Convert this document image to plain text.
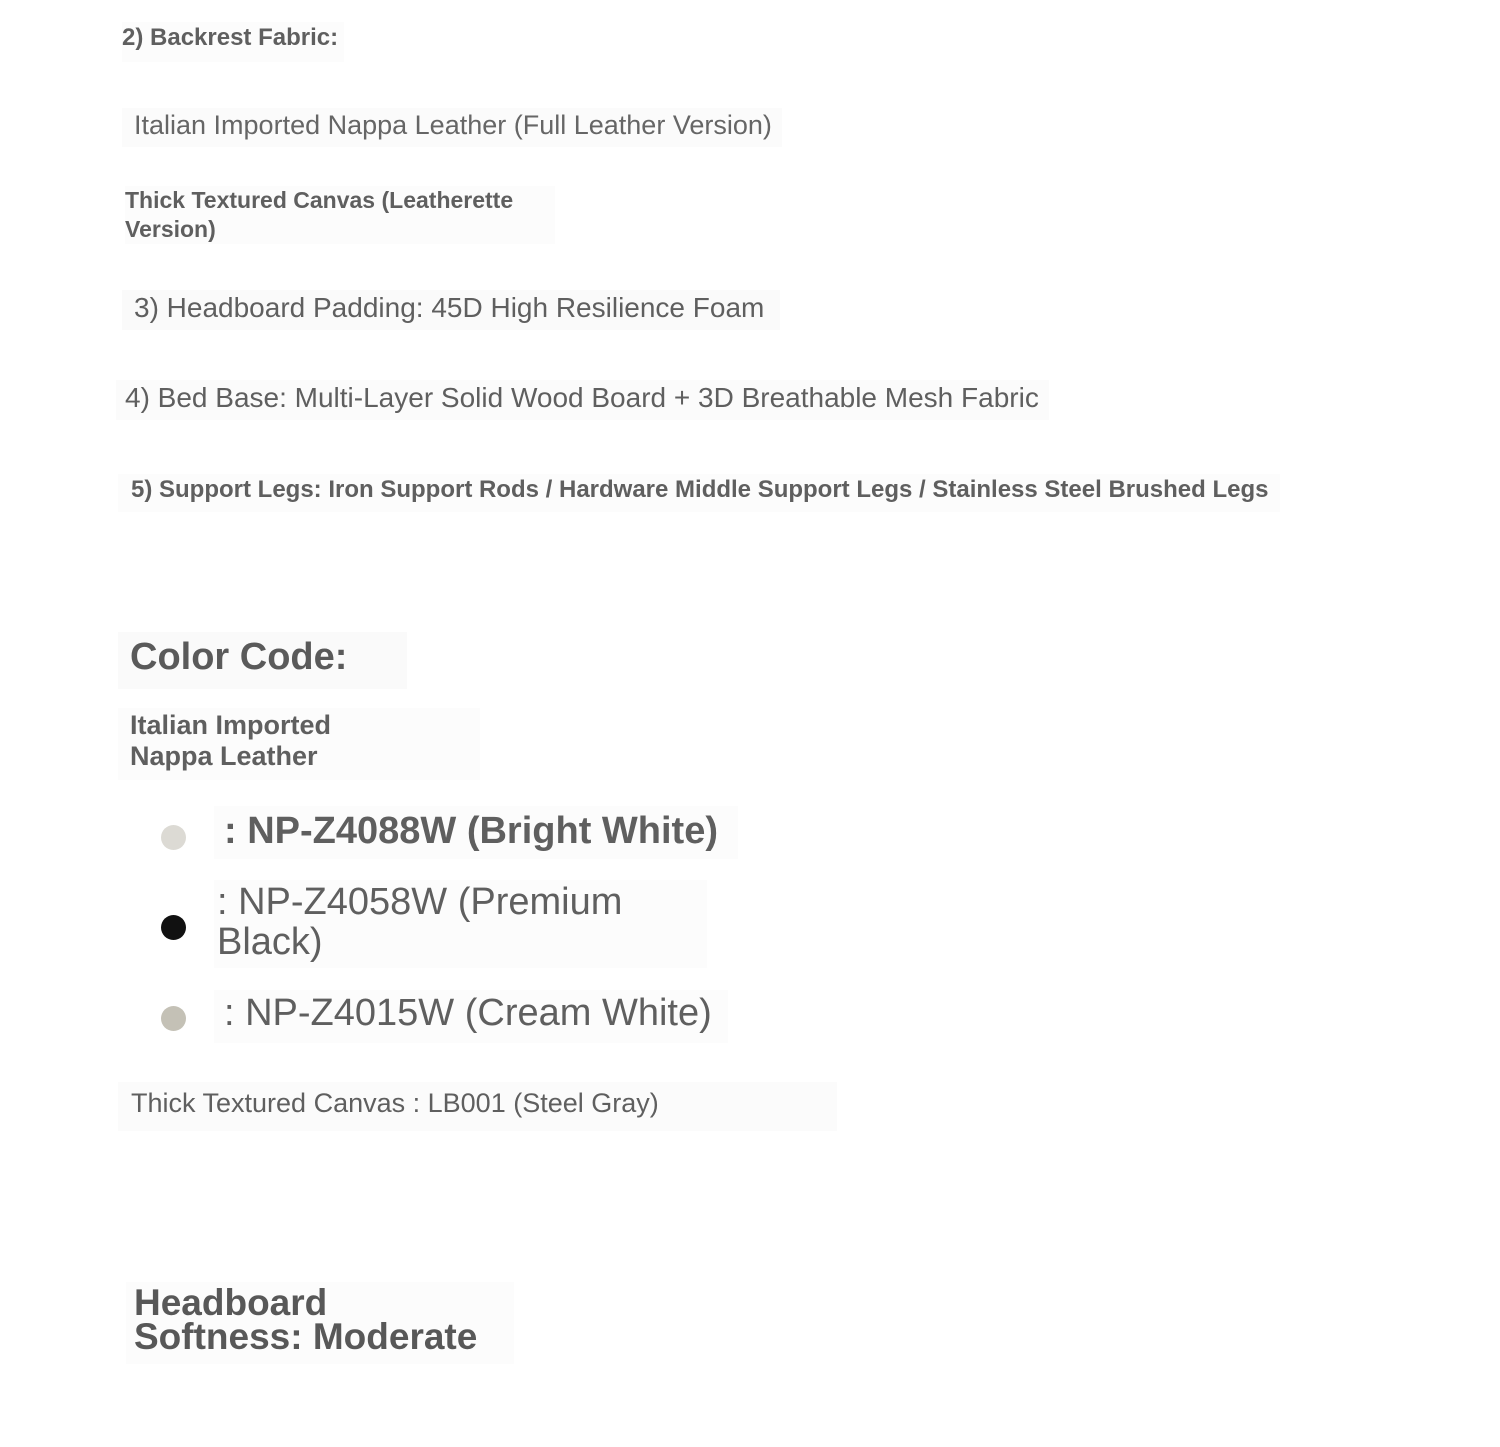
2) Backrest Fabric:
Italian Imported Nappa Leather (Full Leather Version)
Thick Textured Canvas (Leatherette Version)
3) Headboard Padding: 45D High Resilience Foam
4) Bed Base: Multi-Layer Solid Wood Board + 3D Breathable Mesh Fabric
5) Support Legs: Iron Support Rods / Hardware Middle Support Legs / Stainless Steel Brushed Legs
Color Code:
Italian Imported Nappa Leather
: NP-Z4088W (Bright White)
: NP-Z4058W (Premium Black)
: NP-Z4015W (Cream White)
Thick Textured Canvas : LB001 (Steel Gray)
Headboard Softness: Moderate
